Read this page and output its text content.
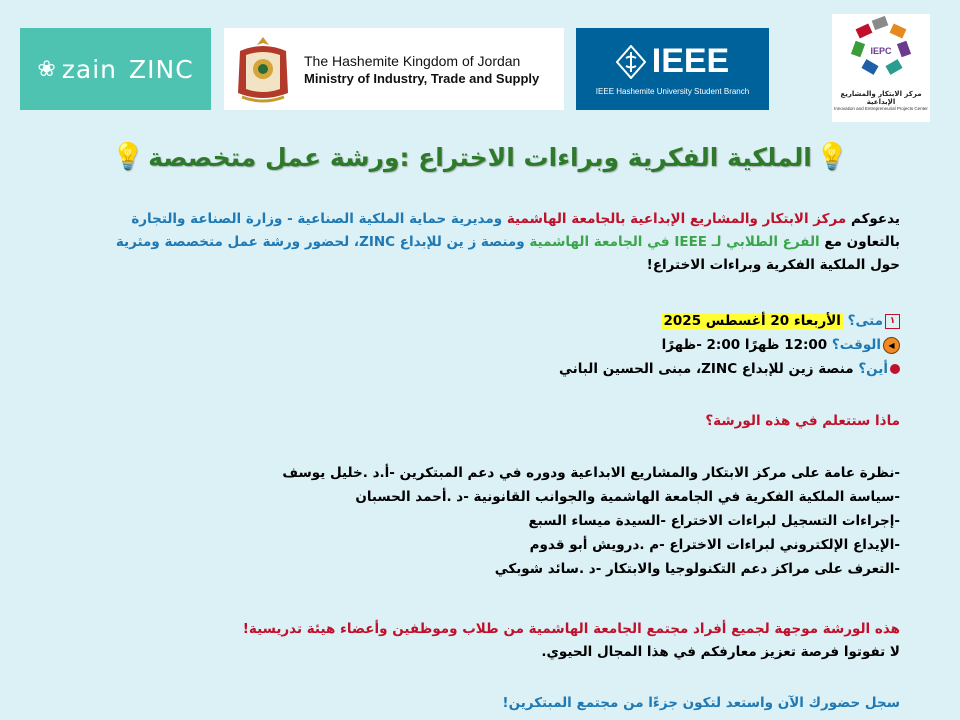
❀ zain ZINC	The Hashemite Kingdom of Jordan
Ministry of Industry, Trade and Supply	IEEE
IEEE Hashemite University Student Branch
IEPC
مركز الابتكار والمشاريع الإبداعية
Innovation and Entrepreneurial Projects Center
💡
الملكية الفكرية وبراءات الاختراع :ورشة عمل متخصصة
💡

يدعوكم مركز الابتكار والمشاريع الإبداعية بالجامعة الهاشمية ومديرية حماية الملكية الصناعية - وزارة الصناعة والتجارة

بالتعاون مع الفرع الطلابي لـ IEEE في الجامعة الهاشمية ومنصة ز ين للإبداع ZINC، لحضور ورشة عمل متخصصة ومثرية

حول الملكية الفكرية وبراءات الاختراع!

١متى؟ الأربعاء 20 أغسطس 2025
◀الوقت؟ 12:00 ظهرًا 2:00 -ظهرًا
أين؟ منصة زين للإبداع ZINC، مبنى الحسين الباني
ماذا ستتعلم في هذه الورشة؟
-نظرة عامة على مركز الابتكار والمشاريع الابداعية ودوره في دعم المبتكرين -أ.د .خليل يوسف
-سياسة الملكية الفكرية في الجامعة الهاشمية والجوانب القانونية -د .أحمد الحسبان
-إجراءات التسجيل لبراءات الاختراع -السيدة ميساء السبع
-الإيداع الإلكتروني لبراءات الاختراع -م .درويش أبو قدوم
-التعرف على مراكز دعم التكنولوجيا والابتكار -د .سائد شوبكي

هذه الورشة موجهة لجميع أفراد مجتمع الجامعة الهاشمية من طلاب وموظفين وأعضاء هيئة تدريسية!

لا تفوتوا فرصة تعزيز معارفكم في هذا المجال الحيوي.

سجل حضورك الآن واستعد لتكون جزءًا من مجتمع المبتكرين!
